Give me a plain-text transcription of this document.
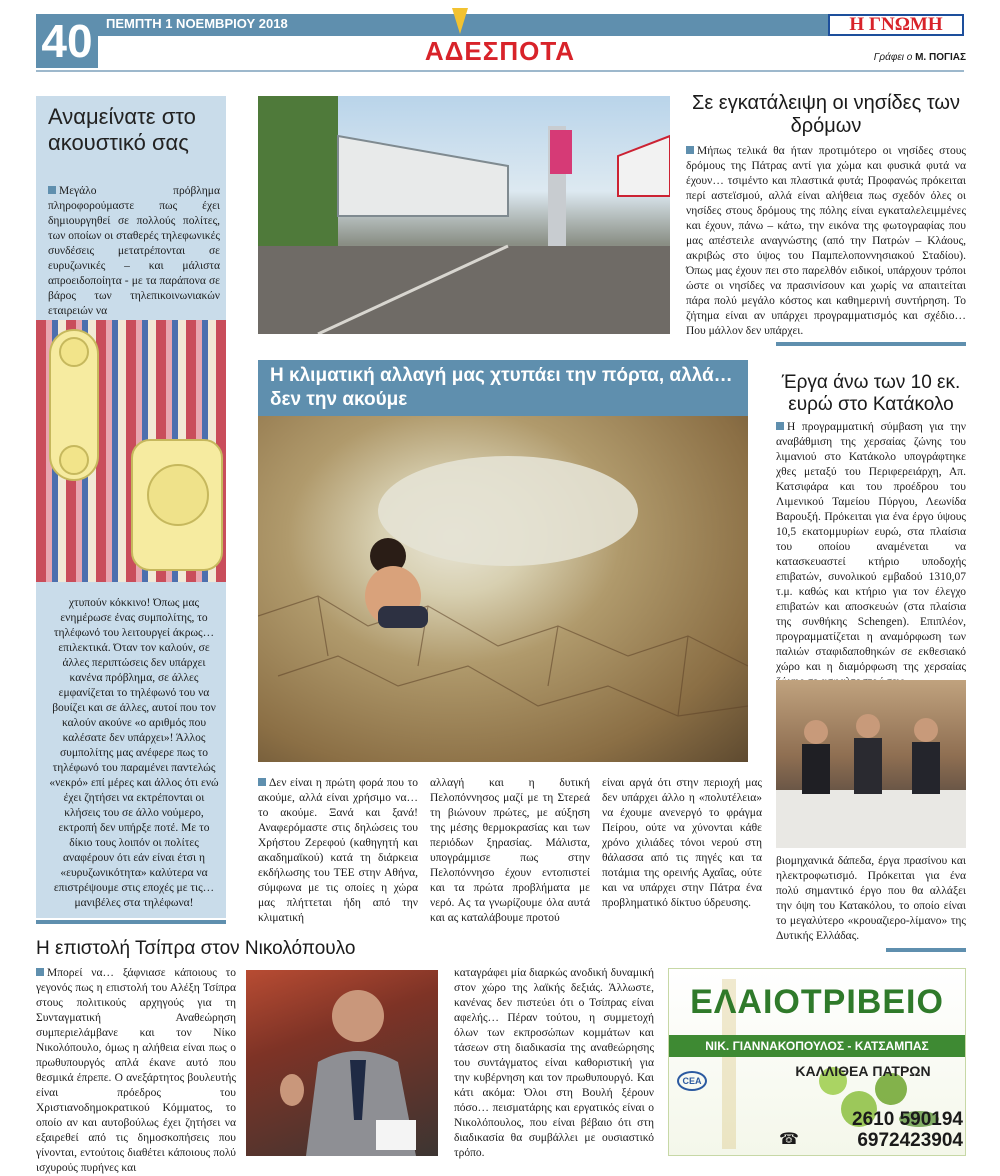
40	ΠΕΜΠΤΗ 1 ΝΟΕΜΒΡΙΟΥ 2018	Η ΓΝΩΜΗ
ΑΔΕΣΠΟΤΑ	Γράφει ο Μ. ΠΟΓΙΑΣ
Αναμείνατε στο ακουστικό σας
Μεγάλο πρόβλημα πληροφορούμαστε πως έχει δημιουργηθεί σε πολλούς πολίτες, των οποίων οι σταθερές τηλεφωνικές συνδέσεις μετατρέπονται σε ευρυζωνικές – και μάλιστα απροειδοποίητα - με τα παράπονα σε βάρος των τηλεπικοινωνιακών εταιρειών να
χτυπούν κόκκινο! Όπως μας ενημέρωσε ένας συμπολίτης, το τηλέφωνό του λειτουργεί άκρως… επιλεκτικά. Όταν τον καλούν, σε άλλες περιπτώσεις δεν υπάρχει κανένα πρόβλημα, σε άλλες εμφανίζεται το τηλέφωνό του να βουίζει και σε άλλες, αυτοί που τον καλούν ακούνε «ο αριθμός που καλέσατε δεν υπάρχει»! Άλλος συμπολίτης μας ανέφερε πως το τηλέφωνό του παραμένει παντελώς «νεκρό» επί μέρες και άλλος ότι ενώ έχει ζητήσει να εκτρέπονται οι κλήσεις του σε άλλο νούμερο, εκτροπή δεν υπήρξε ποτέ. Με το δίκιο τους λοιπόν οι πολίτες αναφέρουν ότι εάν είναι έτσι η «ευρυζωνικότητα» καλύτερα να επιστρέψουμε στις εποχές με τις… μανιβέλες στα τηλέφωνα!
Σε εγκατάλειψη οι νησίδες των δρόμων
Μήπως τελικά θα ήταν προτιμότερο οι νησίδες στους δρόμους της Πάτρας αντί για χώμα και φυσικά φυτά να έχουν… τσιμέντο και πλαστικά φυτά; Προφανώς πρόκειται περί αστεϊσμού, αλλά είναι αλήθεια πως σχεδόν όλες οι νησίδες στους δρόμους της πόλης είναι εγκαταλελειμμένες και έχουν, πάνω – κάτω, την εικόνα της φωτογραφίας που μας απέστειλε αναγνώστης (από την Πατρών – Κλάους, ακριβώς στο ύψος του Παμπελοποννησιακού Σταδίου). Όπως μας έχουν πει στο παρελθόν ειδικοί, υπάρχουν τρόποι ώστε οι νησίδες να πρασινίσουν και χωρίς να απαιτείται πάρα πολύ μεγάλο κόστος και καθημερινή συντήρηση. Το ζήτημα είναι αν υπάρχει προγραμματισμός και σχέδιο… Που μάλλον δεν υπάρχει.
Η κλιματική αλλαγή μας χτυπάει την πόρτα, αλλά… δεν την ακούμε
Δεν είναι η πρώτη φορά που το ακούμε, αλλά είναι χρήσιμο να… το ακούμε. Ξανά και ξανά! Αναφερόμαστε στις δηλώσεις του Χρήστου Ζερεφού (καθηγητή και ακαδημαϊκού) κατά τη διάρκεια εκδήλωσης του ΤΕΕ στην Αθήνα, σύμφωνα με τις οποίες η χώρα μας πλήττεται ήδη από την κλιματική
αλλαγή και η δυτική Πελοπόννησος μαζί με τη Στερεά τη βιώνουν πρώτες, με αύξηση της μέσης θερμοκρασίας και των περιόδων ξηρασίας. Μάλιστα, υπογράμμισε πως στην Πελοπόννησο έχουν εντοπιστεί και τα πρώτα προβλήματα με νερό. Ας τα γνωρίζουμε όλα αυτά και ας καταλάβουμε προτού
είναι αργά ότι στην περιοχή μας δεν υπάρχει άλλο η «πολυτέλεια» να έχουμε ανενεργό το φράγμα Πείρου, ούτε να χύνονται κάθε χρόνο χιλιάδες τόνοι νερού στη θάλασσα από τις πηγές και τα ποτάμια της ορεινής Αχαΐας, ούτε και να υπάρχει στην Πάτρα ένα προβληματικό δίκτυο ύδρευσης.
Έργα άνω των 10 εκ. ευρώ στο Κατάκολο
Η προγραμματική σύμβαση για την αναβάθμιση της χερσαίας ζώνης του λιμανιού στο Κατάκολο υπογράφτηκε χθες μεταξύ του Περιφερειάρχη, Απ. Κατσιφάρα και του προέδρου του Λιμενικού Ταμείου Πύργου, Λεωνίδα Βαρουξή. Πρόκειται για ένα έργο ύψους 10,5 εκατομμυρίων ευρώ, στα πλαίσια του οποίου αναμένεται να κατασκευαστεί κτήριο υποδοχής επιβατών, συνολικού εμβαδού 1310,07 τ.μ. καθώς και κτήριο για τον έλεγχο επιβατών και αποσκευών (στα πλαίσια της συνθήκης Schengen). Επιπλέον, προγραμματίζεται η αναμόρφωση των παλιών σταφιδαποθηκών σε εκθεσιακό χώρο και η διαμόρφωση της χερσαίας
βιομηχανικά δάπεδα, έργα πρασίνου και ηλεκτροφωτισμό. Πρόκειται για ένα πολύ σημαντικό έργο που θα αλλάξει την όψη του Κατακόλου, το οποίο είναι το μεγαλύτερο «κρουαζιερο-λίμανο» της Δυτικής Ελλάδας.
Η επιστολή Τσίπρα στον Νικολόπουλο
Μπορεί να… ξάφνιασε κάποιους το γεγονός πως η επιστολή του Αλέξη Τσίπρα στους πολιτικούς αρχηγούς για τη Συνταγματική Αναθεώρηση συμπεριελάμβανε και τον Νίκο Νικολόπουλο, όμως η αλήθεια είναι πως ο πρωθυπουργός απλά έκανε αυτό που θεσμικά έπρεπε. Ο ανεξάρτητος βουλευτής είναι πρόεδρος του Χριστιανοδημοκρατικού Κόμματος, το οποίο αν και αυτοβούλως έχει ζητήσει να εξαιρεθεί από τις δημοσκοπήσεις που γίνονται, εντούτοις διαθέτει κάποιους πολύ ισχυρούς πυρήνες και
καταγράφει μία διαρκώς ανοδική δυναμική στον χώρο της λαϊκής δεξιάς. Άλλωστε, κανένας δεν πιστεύει ότι ο Τσίπρας είναι αφελής… Πέραν τούτου, η συμμετοχή όλων των εκπροσώπων κομμάτων και τάσεων στη διαδικασία της αναθεώρησης του συντάγματος είναι καθοριστική για την κυβέρνηση και τον πρωθυπουργό. Και κάτι ακόμα: Όλοι στη Βουλή ξέρουν πόσο… πεισματάρης και εργατικός είναι ο Νικολόπουλος, που είναι βέβαιο ότι στη διαδικασία θα συμβάλλει με ουσιαστικό τρόπο.
ΕΛΑΙΟΤΡΙΒΕΙΟ
ΝΙΚ. ΓΙΑΝΝΑΚΟΠΟΥΛΟΣ - ΚΑΤΣΑΜΠΑΣ
CEA
ΚΑΛΛΙΘΕΑ ΠΑΤΡΩΝ
☎
2610 590194
6972423904
